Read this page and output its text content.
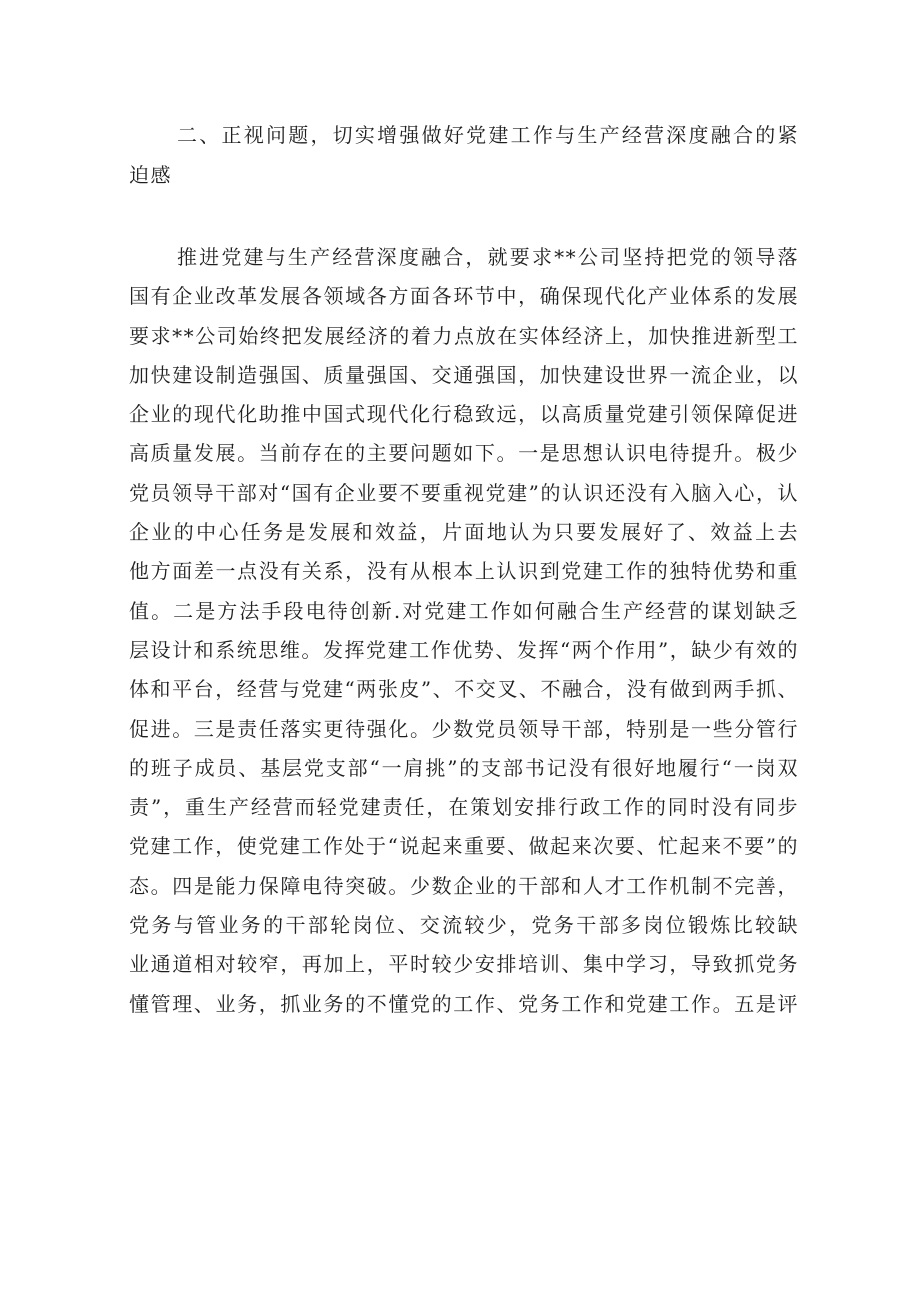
二、正视问题，切实增强做好党建工作与生产经营深度融合的紧
迫感
推进党建与生产经营深度融合，就要求**公司坚持把党的领导落
国有企业改革发展各领域各方面各环节中，确保现代化产业体系的发展
要求**公司始终把发展经济的着力点放在实体经济上，加快推进新型工
加快建设制造强国、质量强国、交通强国，加快建设世界一流企业，以
企业的现代化助推中国式现代化行稳致远，以高质量党建引领保障促进
高质量发展。当前存在的主要问题如下。一是思想认识电待提升。极少
党员领导干部对“国有企业要不要重视党建”的认识还没有入脑入心，认
企业的中心任务是发展和效益，片面地认为只要发展好了、效益上去
他方面差一点没有关系，没有从根本上认识到党建工作的独特优势和重
值。二是方法手段电待创新.对党建工作如何融合生产经营的谋划缺乏
层设计和系统思维。发挥党建工作优势、发挥“两个作用”，缺少有效的
体和平台，经营与党建“两张皮”、不交叉、不融合，没有做到两手抓、
促进。三是责任落实更待强化。少数党员领导干部，特别是一些分管行
的班子成员、基层党支部“一肩挑”的支部书记没有很好地履行“一岗双
责”，重生产经营而轻党建责任，在策划安排行政工作的同时没有同步
党建工作，使党建工作处于“说起来重要、做起来次要、忙起来不要”的
态。四是能力保障电待突破。少数企业的干部和人才工作机制不完善，
党务与管业务的干部轮岗位、交流较少，党务干部多岗位锻炼比较缺
业通道相对较窄，再加上，平时较少安排培训、集中学习，导致抓党务
懂管理、业务，抓业务的不懂党的工作、党务工作和党建工作。五是评
